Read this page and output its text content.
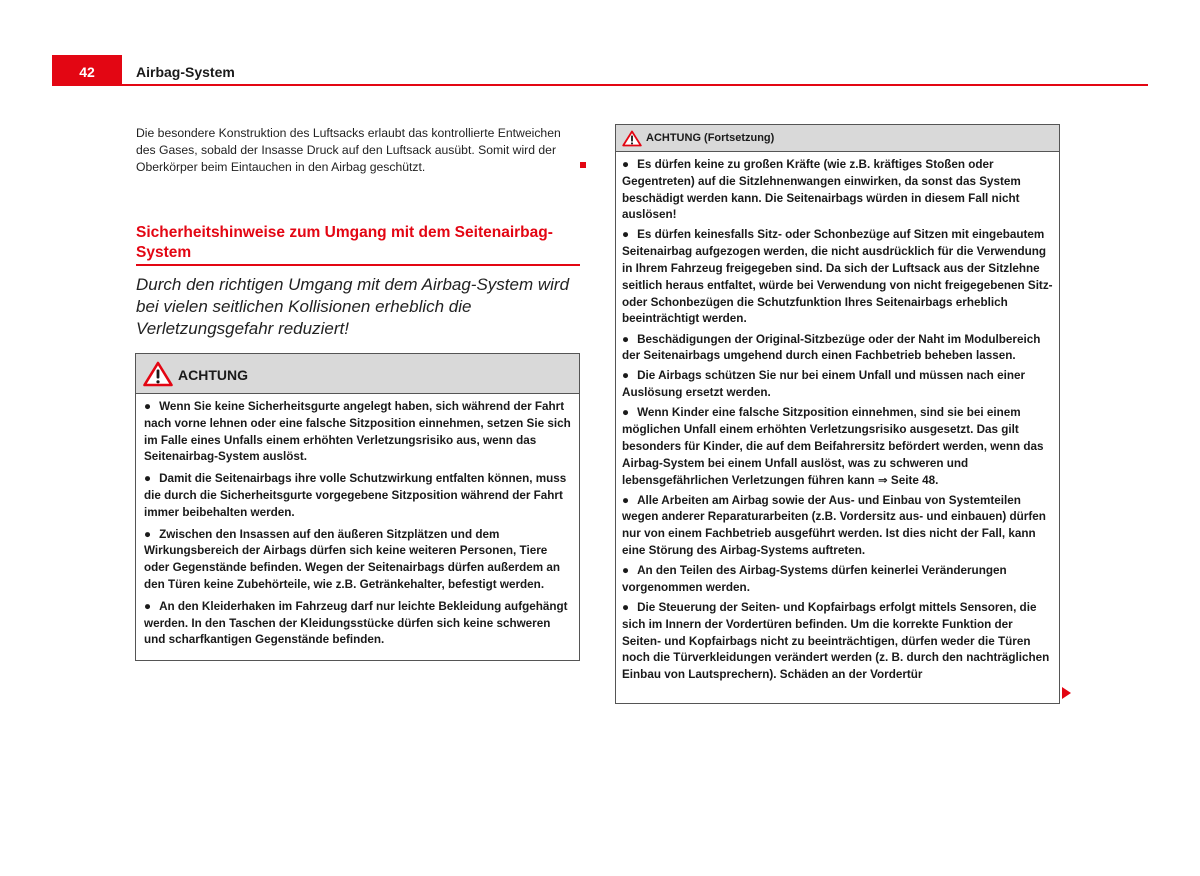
42	Airbag-System

Die besondere Konstruktion des Luftsacks erlaubt das kontrollierte Entweichen des Gases, sobald der Insasse Druck auf den Luftsack ausübt. Somit wird der Oberkörper beim Eintauchen in den Airbag geschützt.

Sicherheitshinweise zum Umgang mit dem Seitenairbag-System

Durch den richtigen Umgang mit dem Airbag-System wird bei vielen seitlichen Kollisionen erheblich die Verletzungsgefahr reduziert!

ACHTUNG
● Wenn Sie keine Sicherheitsgurte angelegt haben, sich während der Fahrt nach vorne lehnen oder eine falsche Sitzposition einnehmen, setzen Sie sich im Falle eines Unfalls einem erhöhten Verletzungsrisiko aus, wenn das Seitenairbag-System auslöst.
● Damit die Seitenairbags ihre volle Schutzwirkung entfalten können, muss die durch die Sicherheitsgurte vorgegebene Sitzposition während der Fahrt immer beibehalten werden.
● Zwischen den Insassen auf den äußeren Sitzplätzen und dem Wirkungsbereich der Airbags dürfen sich keine weiteren Personen, Tiere oder Gegenstände befinden. Wegen der Seitenairbags dürfen außerdem an den Türen keine Zubehörteile, wie z.B. Getränkehalter, befestigt werden.
● An den Kleiderhaken im Fahrzeug darf nur leichte Bekleidung aufgehängt werden. In den Taschen der Kleidungsstücke dürfen sich keine schweren und scharfkantigen Gegenstände befinden.
ACHTUNG (Fortsetzung)
● Es dürfen keine zu großen Kräfte (wie z.B. kräftiges Stoßen oder Gegentreten) auf die Sitzlehnenwangen einwirken, da sonst das System beschädigt werden kann. Die Seitenairbags würden in diesem Fall nicht auslösen!
● Es dürfen keinesfalls Sitz- oder Schonbezüge auf Sitzen mit eingebautem Seitenairbag aufgezogen werden, die nicht ausdrücklich für die Verwendung in Ihrem Fahrzeug freigegeben sind. Da sich der Luftsack aus der Sitzlehne seitlich heraus entfaltet, würde bei Verwendung von nicht freigegebenen Sitz- oder Schonbezügen die Schutzfunktion Ihres Seitenairbags erheblich beeinträchtigt werden.
● Beschädigungen der Original-Sitzbezüge oder der Naht im Modulbereich der Seitenairbags umgehend durch einen Fachbetrieb beheben lassen.
● Die Airbags schützen Sie nur bei einem Unfall und müssen nach einer Auslösung ersetzt werden.
● Wenn Kinder eine falsche Sitzposition einnehmen, sind sie bei einem möglichen Unfall einem erhöhten Verletzungsrisiko ausgesetzt. Das gilt besonders für Kinder, die auf dem Beifahrersitz befördert werden, wenn das Airbag-System bei einem Unfall auslöst, was zu schweren und lebensgefährlichen Verletzungen führen kann ⇒ Seite 48.
● Alle Arbeiten am Airbag sowie der Aus- und Einbau von Systemteilen wegen anderer Reparaturarbeiten (z.B. Vordersitz aus- und einbauen) dürfen nur von einem Fachbetrieb ausgeführt werden. Ist dies nicht der Fall, kann eine Störung des Airbag-Systems auftreten.
● An den Teilen des Airbag-Systems dürfen keinerlei Veränderungen vorgenommen werden.
● Die Steuerung der Seiten- und Kopfairbags erfolgt mittels Sensoren, die sich im Innern der Vordertüren befinden. Um die korrekte Funktion der Seiten- und Kopfairbags nicht zu beeinträchtigen, dürfen weder die Türen noch die Türverkleidungen verändert werden (z. B. durch den nachträglichen Einbau von Lautsprechern). Schäden an der Vordertür
